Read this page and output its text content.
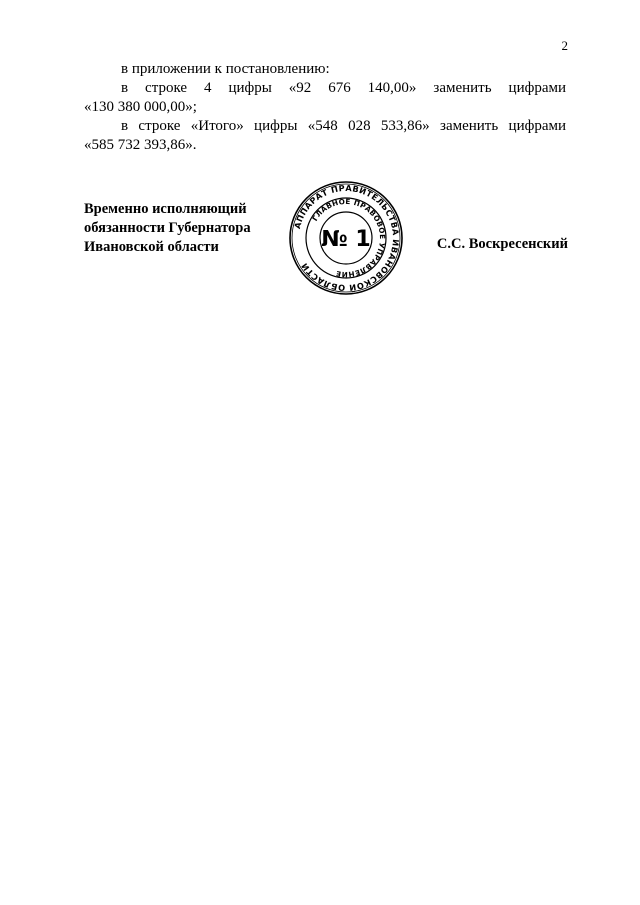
2

в приложении к постановлению:

в строке 4 цифры «92 676 140,00» заменить цифрами

«130 380 000,00»;

в строке «Итого» цифры «548 028 533,86» заменить цифрами

«585 732 393,86».

Временно исполняющий
обязанности Губернатора
Ивановской области
АППАРАТ ПРАВИТЕЛЬСТВА ИВАНОВСКОЙ ОБЛАСТИ
ГЛАВНОЕ ПРАВОВОЕ УПРАВЛЕНИЕ
№ 1	С.С. Воскресенский
